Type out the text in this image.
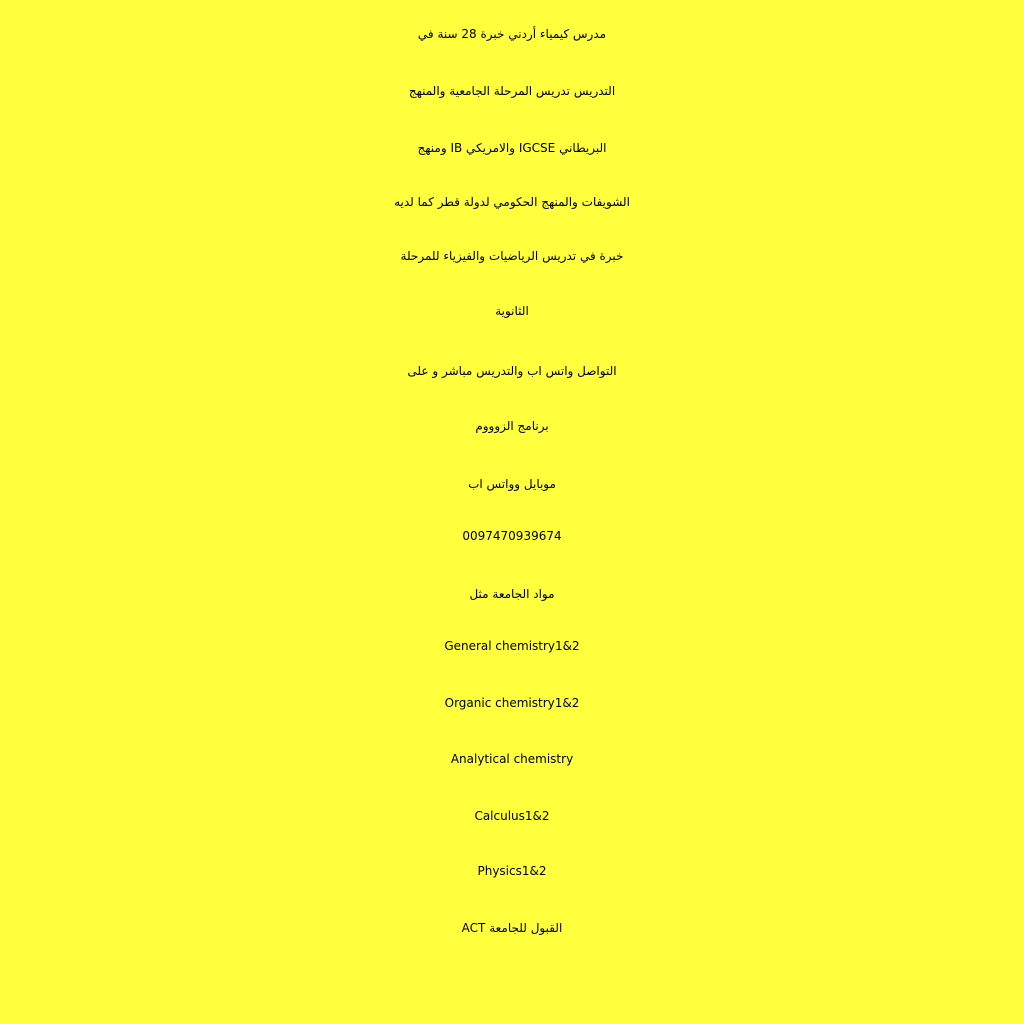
مدرس كيمياء أردني خبرة 28 سنة في
التدريس تدريس المرحلة الجامعية والمنهج
البريطاني IGCSE والامريكي IB ومنهج
الشويفات والمنهج الحكومي لدولة قطر كما لديه
خبرة في تدريس الرياضيات والفيزياء للمرحلة
الثانوية
التواصل واتس اب والتدريس مباشر و على
برنامج الزوووم
موبايل وواتس اب
0097470939674
مواد الجامعة مثل
General chemistry1&2
Organic chemistry1&2
Analytical chemistry
Calculus1&2
Physics1&2
القبول للجامعة ACT
